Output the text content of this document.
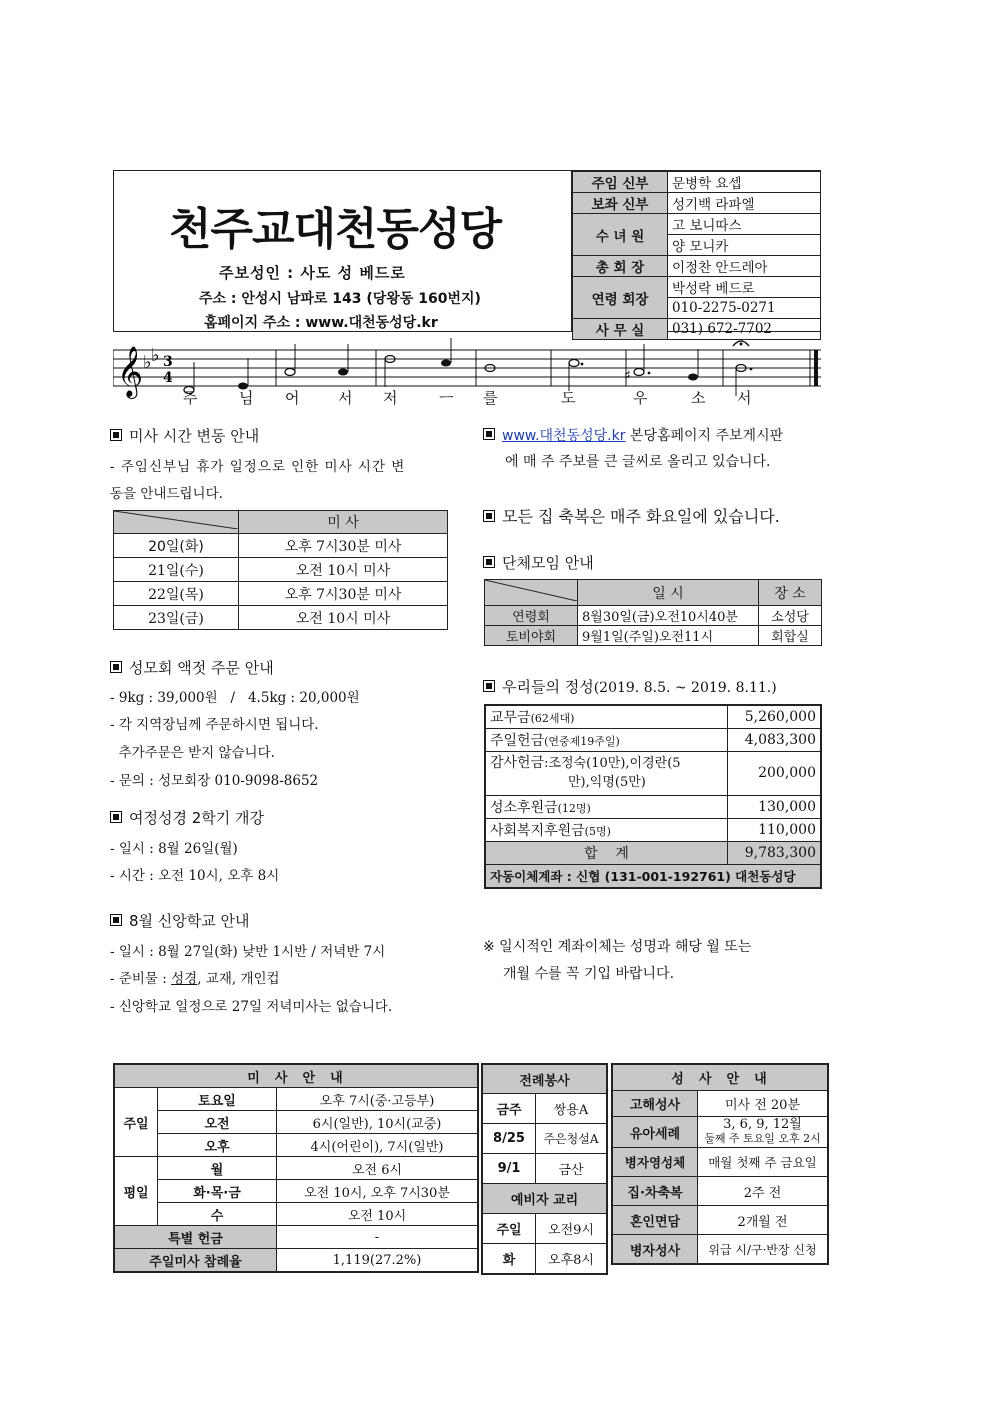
천주교대천동성당
주보성인 : 사도 성 베드로
주소 : 안성시 남파로 143 (당왕동 160번지)
홈페이지 주소 : www.대천동성당.kr
주임 신부	문병학 요셉
보좌 신부	성기백 라파엘
수 녀 원	고 보니따스
	양 모니카
총 회 장	이정찬 안드레아
연령 회장	박성락 베드로
	010-2275-0271
사 무 실	031) 672-7702
𝄞 ♭ ♭ 3
4	♯
주	님 어	서 저	ㅡ 를	도	우	소 서
미사 시간 변동 안내
- 주임신부님 휴가 일정으로 인한 미사 시간 변
동을 안내드립니다.
	미 사
20일(화)	오후 7시30분 미사
21일(수)	오전 10시 미사
22일(목)	오후 7시30분 미사
23일(금)	오전 10시 미사
성모회 액젓 주문 안내
- 9kg : 39,000원   /   4.5kg : 20,000원
- 각 지역장님께 주문하시면 됩니다.
추가주문은 받지 않습니다.
- 문의 : 성모회장 010-9098-8652
여정성경 2학기 개강
- 일시 : 8월 26일(월)
- 시간 : 오전 10시, 오후 8시
8월 신앙학교 안내
- 일시 : 8월 27일(화) 낮반 1시반 / 저녁반 7시
- 준비물 : 성경, 교재, 개인컵
- 신앙학교 일정으로 27일 저녁미사는 없습니다.
www.대천동성당.kr 본당홈페이지 주보게시판
에 매 주 주보를 큰 글씨로 올리고 있습니다.
모든 집 축복은 매주 화요일에 있습니다.
단체모임 안내
	일 시	장 소
연령회	8월30일(금)오전10시40분	소성당
토비야회	9월1일(주일)오전11시	회합실
우리들의 정성(2019. 8.5. ~ 2019. 8.11.)
교무금(62세대)	5,260,000
주일헌금(연중제19주일)	4,083,300
감사헌금:조정숙(10만),이경란(5
만),익명(5만)	200,000
성소후원금(12명)	130,000
사회복지후원금(5명)	110,000
합    계	9,783,300
자동이체계좌 : 신협 (131-001-192761) 대천동성당	
※ 일시적인 계좌이체는 성명과 해당 월 또는
개월 수를 꼭 기입 바랍니다.
미  사  안  내		
주일	토요일	오후 7시(중·고등부)
	오전	6시(일반), 10시(교중)
	오후	4시(어린이), 7시(일반)
평일	월	오전 6시
	화·목·금	오전 10시, 오후 7시30분
	수	오전 10시
특별 헌금		-
주일미사 참례율		1,119(27.2%)
전례봉사	
금주	쌍용A
8/25	주은청설A
9/1	금산
예비자 교리	
주일	오전9시
화	오후8시
성  사  안  내	
고해성사	미사 전 20분
유아세례	3, 6, 9, 12월
둘째 주 토요일 오후 2시
병자영성체	매월 첫째 주 금요일
집·차축복	2주 전
혼인면담	2개월 전
병자성사	위급 시/구·반장 신청
